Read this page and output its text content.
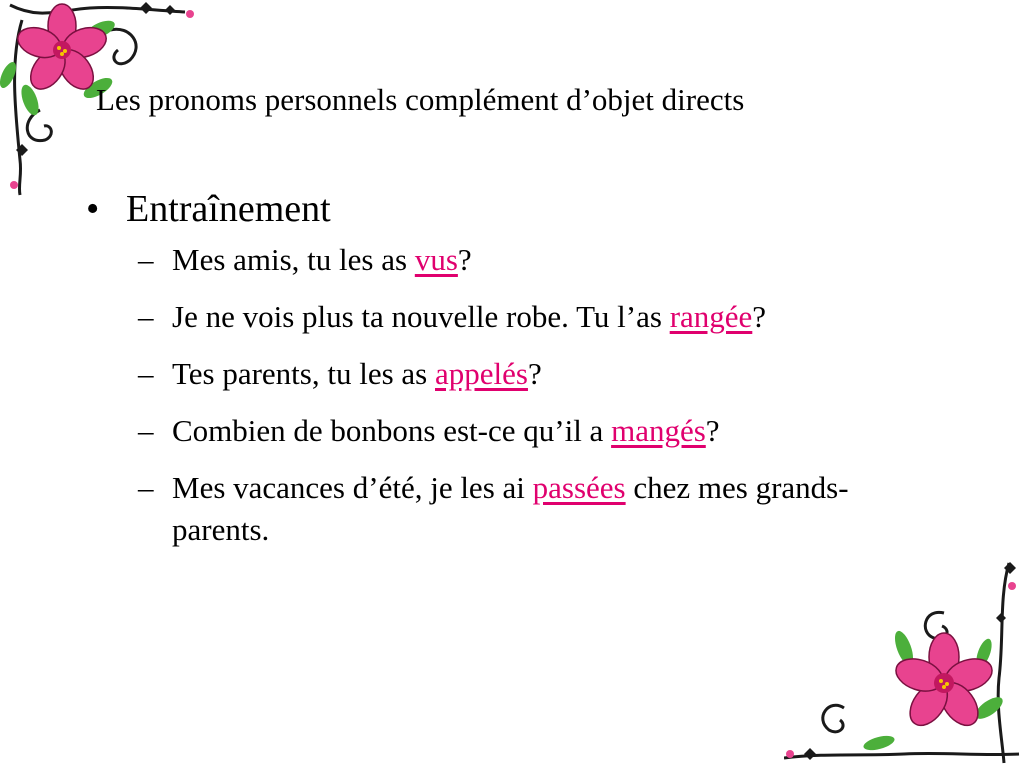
Les pronoms personnels complément d’objet directs
• Entraînement
– Mes amis, tu les as vus?
– Je ne vois plus ta nouvelle robe. Tu l’as rangée?
– Tes parents, tu les as appelés?
– Combien de bonbons est-ce qu’il a mangés?
– Mes vacances d’été, je les ai passées chez mes grands-parents.
